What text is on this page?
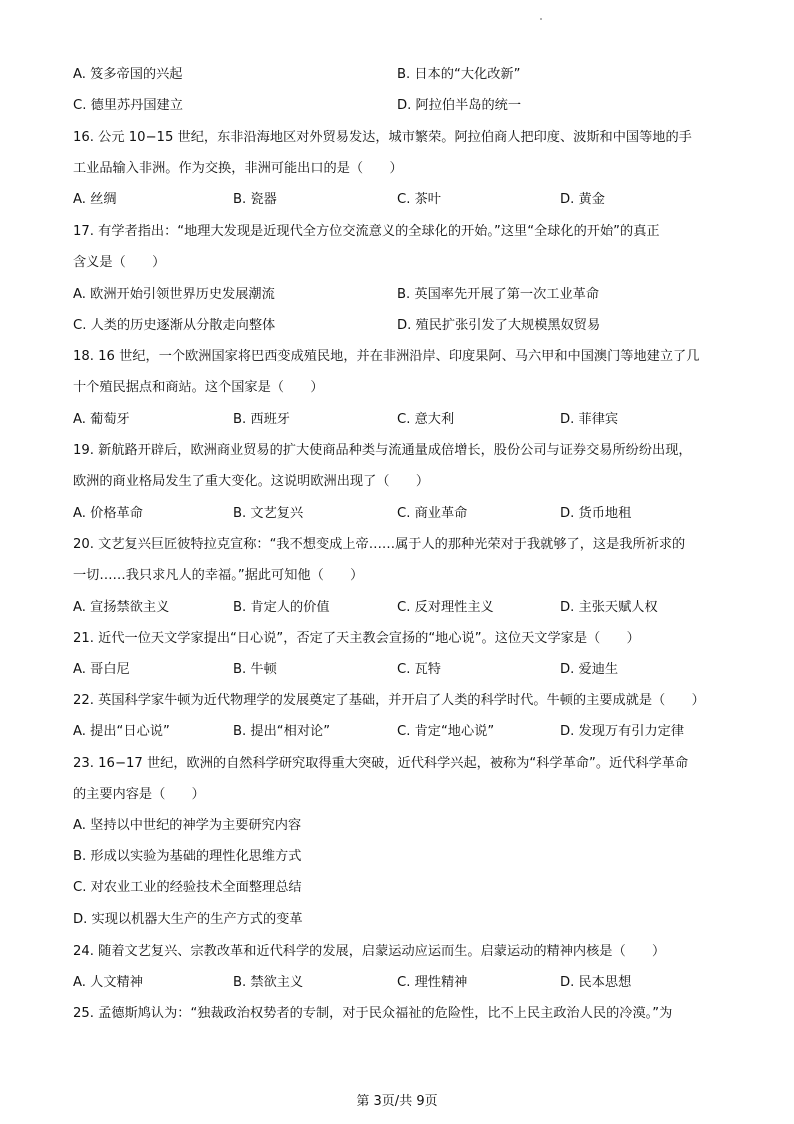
A. 笈多帝国的兴起	B. 日本的“大化改新”
C. 德里苏丹国建立	D. 阿拉伯半岛的统一
16. 公元 10−15 世纪，东非沿海地区对外贸易发达，城市繁荣。阿拉伯商人把印度、波斯和中国等地的手
工业品输入非洲。作为交换，非洲可能出口的是（　　）
A. 丝绸	B. 瓷器	C. 茶叶	D. 黄金
17. 有学者指出：“地理大发现是近现代全方位交流意义的全球化的开始。”这里“全球化的开始”的真正
含义是（　　）
A. 欧洲开始引领世界历史发展潮流	B. 英国率先开展了第一次工业革命
C. 人类的历史逐渐从分散走向整体	D. 殖民扩张引发了大规模黑奴贸易
18. 16 世纪，一个欧洲国家将巴西变成殖民地，并在非洲沿岸、印度果阿、马六甲和中国澳门等地建立了几
十个殖民据点和商站。这个国家是（　　）
A. 葡萄牙	B. 西班牙	C. 意大利	D. 菲律宾
19. 新航路开辟后，欧洲商业贸易的扩大使商品种类与流通量成倍增长，股份公司与证券交易所纷纷出现，
欧洲的商业格局发生了重大变化。这说明欧洲出现了（　　）
A. 价格革命	B. 文艺复兴	C. 商业革命	D. 货币地租
20. 文艺复兴巨匠彼特拉克宣称：“我不想变成上帝……属于人的那种光荣对于我就够了，这是我所祈求的
一切……我只求凡人的幸福。”据此可知他（　　）
A. 宣扬禁欲主义	B. 肯定人的价值	C. 反对理性主义	D. 主张天赋人权
21. 近代一位天文学家提出“日心说”，否定了天主教会宣扬的“地心说”。这位天文学家是（　　）
A. 哥白尼	B. 牛顿	C. 瓦特	D. 爱迪生
22. 英国科学家牛顿为近代物理学的发展奠定了基础，并开启了人类的科学时代。牛顿的主要成就是（　　）
A. 提出“日心说”	B. 提出“相对论”	C. 肯定“地心说”	D. 发现万有引力定律
23. 16−17 世纪，欧洲的自然科学研究取得重大突破，近代科学兴起，被称为“科学革命”。近代科学革命
的主要内容是（　　）
A. 坚持以中世纪的神学为主要研究内容
B. 形成以实验为基础的理性化思维方式
C. 对农业工业的经验技术全面整理总结
D. 实现以机器大生产的生产方式的变革
24. 随着文艺复兴、宗教改革和近代科学的发展，启蒙运动应运而生。启蒙运动的精神内核是（　　）
A. 人文精神	B. 禁欲主义	C. 理性精神	D. 民本思想
25. 孟德斯鸠认为：“独裁政治权势者的专制，对于民众福祉的危险性，比不上民主政治人民的冷漠。”为
第 3页/共 9页
